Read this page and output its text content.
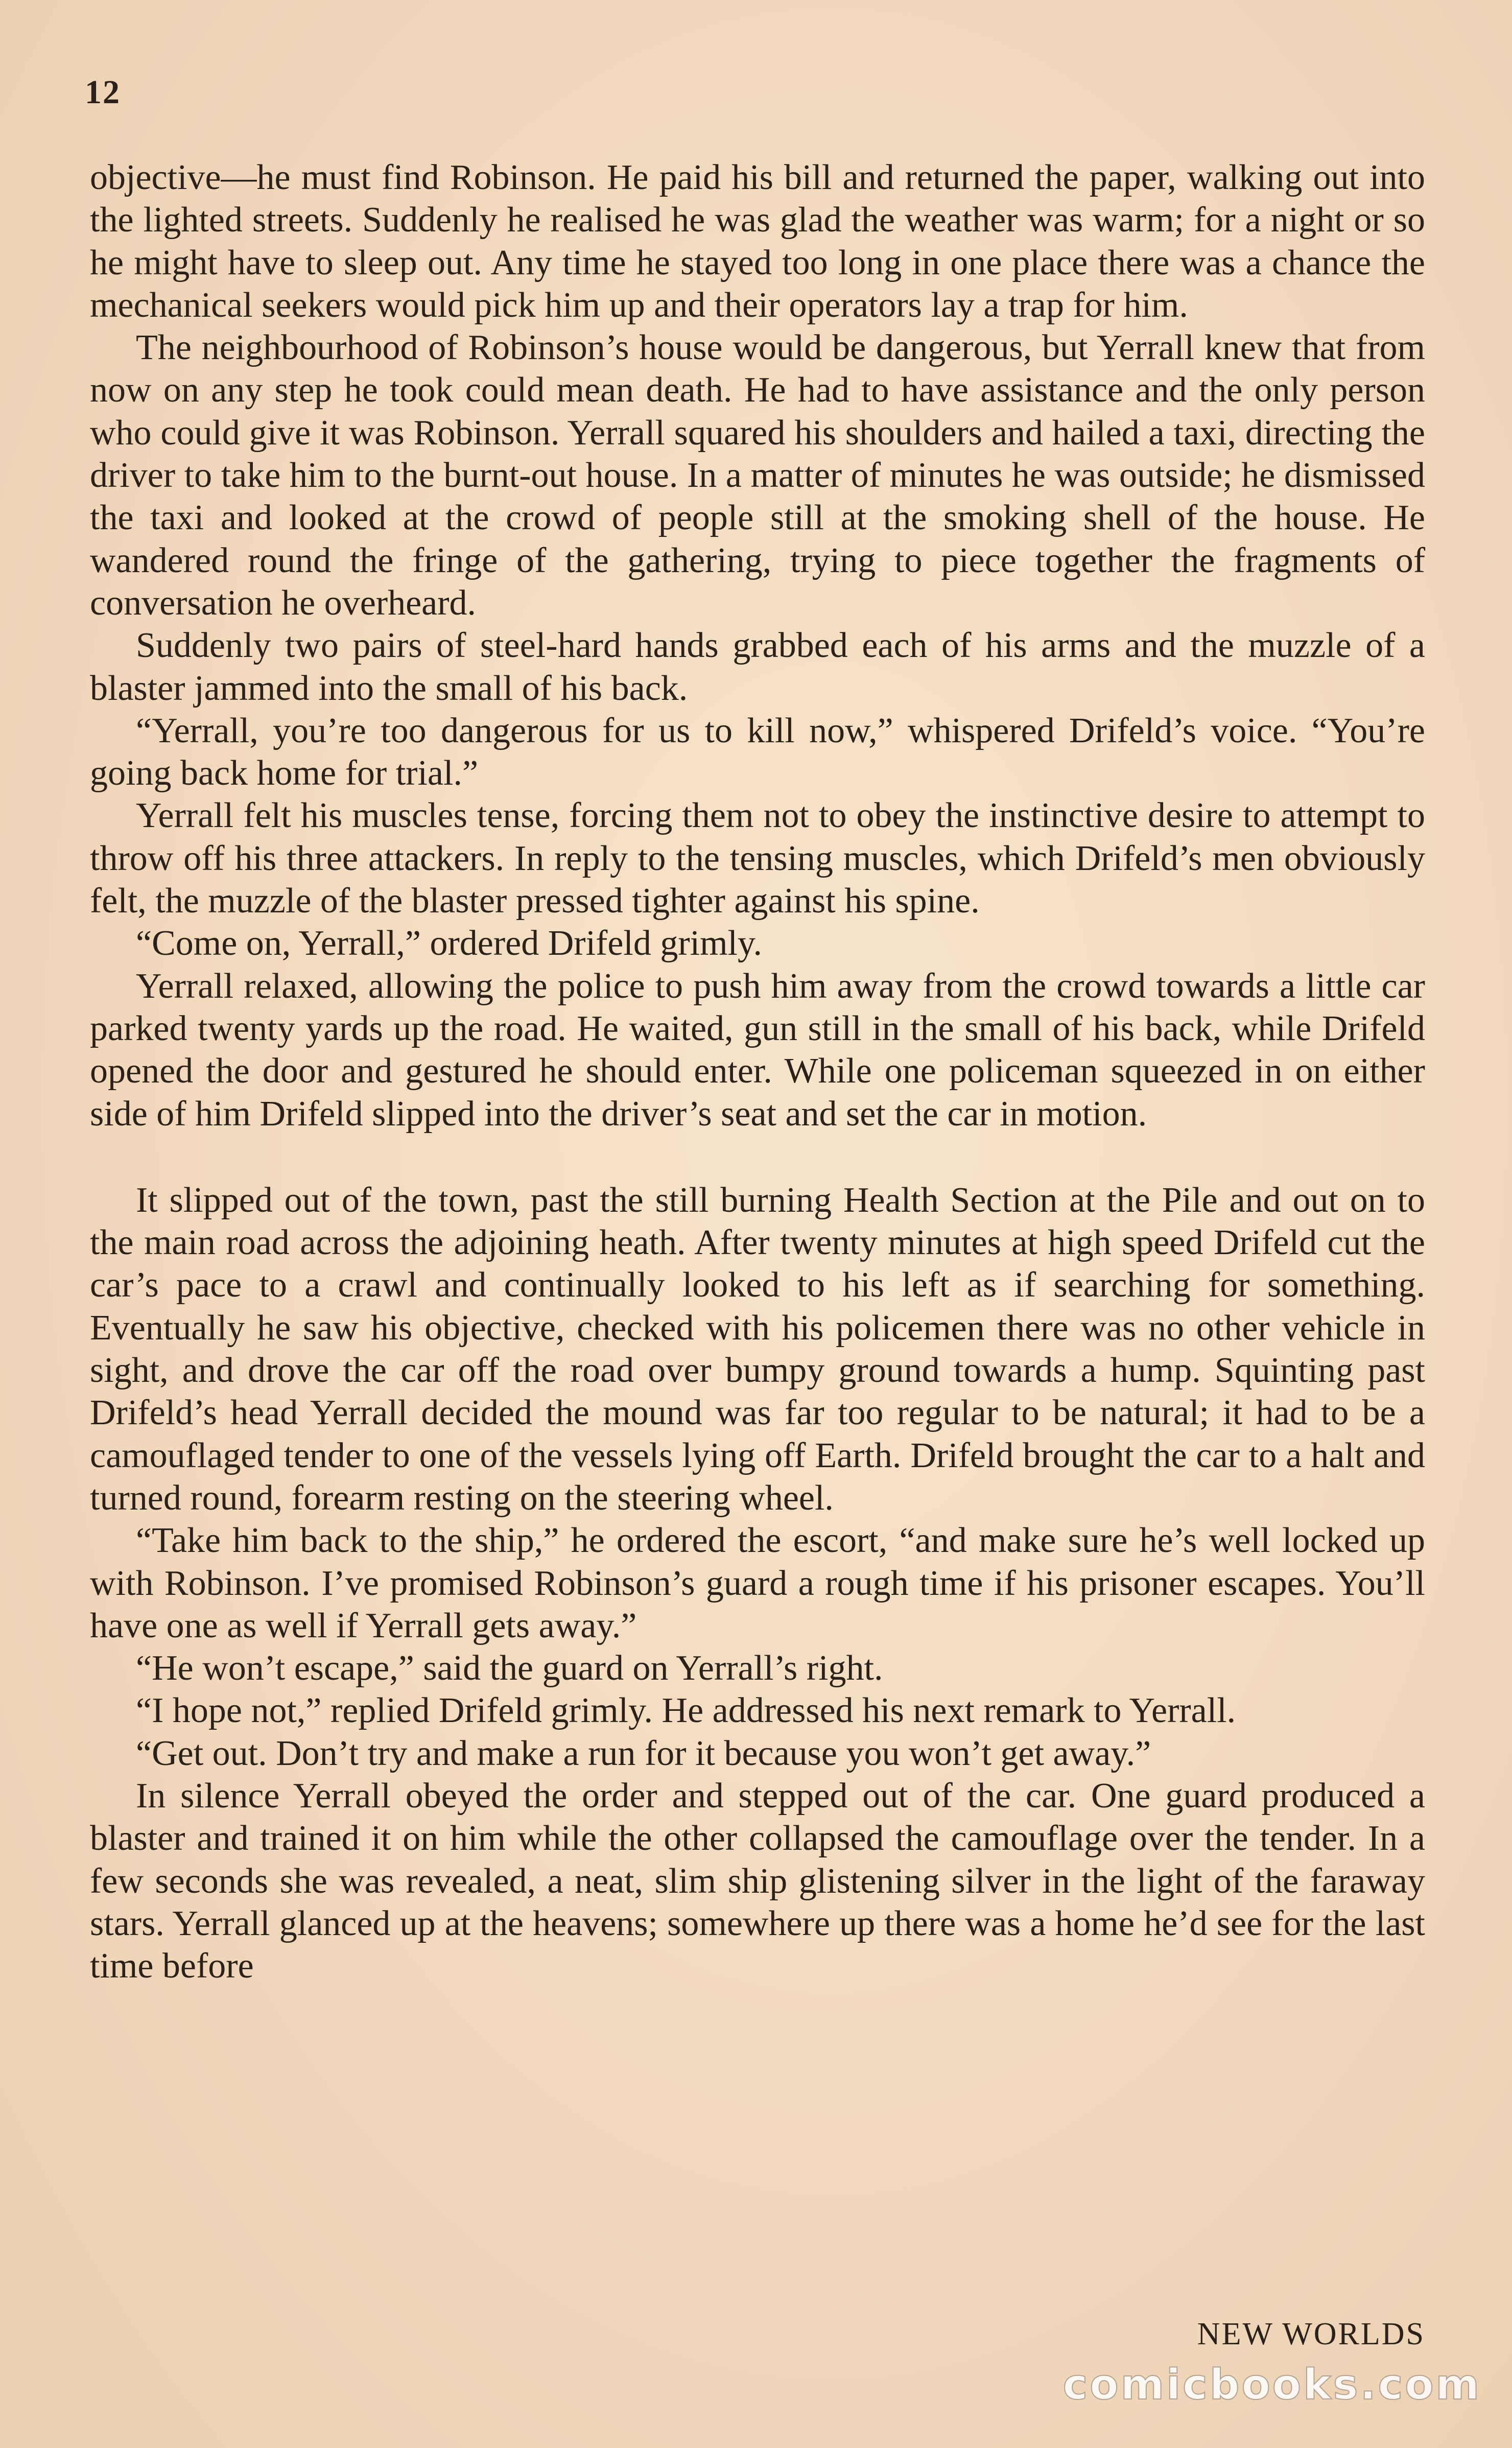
12

objective—he must find Robinson. He paid his bill and returned the paper, walking out into the lighted streets. Suddenly he realised he was glad the weather was warm; for a night or so he might have to sleep out. Any time he stayed too long in one place there was a chance the mechanical seekers would pick him up and their operators lay a trap for him.

The neighbourhood of Robinson’s house would be dangerous, but Yerrall knew that from now on any step he took could mean death. He had to have assistance and the only person who could give it was Robinson. Yerrall squared his shoulders and hailed a taxi, directing the driver to take him to the burnt-out house. In a matter of minutes he was outside; he dismissed the taxi and looked at the crowd of people still at the smoking shell of the house. He wandered round the fringe of the gathering, trying to piece together the fragments of conversation he overheard.

Suddenly two pairs of steel-hard hands grabbed each of his arms and the muzzle of a blaster jammed into the small of his back.

“Yerrall, you’re too dangerous for us to kill now,” whispered Drifeld’s voice. “You’re going back home for trial.”

Yerrall felt his muscles tense, forcing them not to obey the instinctive desire to attempt to throw off his three attackers. In reply to the tensing muscles, which Drifeld’s men obviously felt, the muzzle of the blaster pressed tighter against his spine.

“Come on, Yerrall,” ordered Drifeld grimly.

Yerrall relaxed, allowing the police to push him away from the crowd towards a little car parked twenty yards up the road. He waited, gun still in the small of his back, while Drifeld opened the door and gestured he should enter. While one policeman squeezed in on either side of him Drifeld slipped into the driver’s seat and set the car in motion.

It slipped out of the town, past the still burning Health Section at the Pile and out on to the main road across the adjoining heath. After twenty minutes at high speed Drifeld cut the car’s pace to a crawl and continually looked to his left as if searching for something. Eventually he saw his objective, checked with his policemen there was no other vehicle in sight, and drove the car off the road over bumpy ground towards a hump. Squinting past Drifeld’s head Yerrall decided the mound was far too regular to be natural; it had to be a camouflaged tender to one of the vessels lying off Earth. Drifeld brought the car to a halt and turned round, forearm resting on the steering wheel.

“Take him back to the ship,” he ordered the escort, “and make sure he’s well locked up with Robinson. I’ve promised Robinson’s guard a rough time if his prisoner escapes. You’ll have one as well if Yerrall gets away.”

“He won’t escape,” said the guard on Yerrall’s right.

“I hope not,” replied Drifeld grimly. He addressed his next remark to Yerrall.

“Get out. Don’t try and make a run for it because you won’t get away.”

In silence Yerrall obeyed the order and stepped out of the car. One guard produced a blaster and trained it on him while the other collapsed the camouflage over the tender. In a few seconds she was revealed, a neat, slim ship glistening silver in the light of the faraway stars. Yerrall glanced up at the heavens; somewhere up there was a home he’d see for the last time before

NEW WORLDS
comicbooks.com
